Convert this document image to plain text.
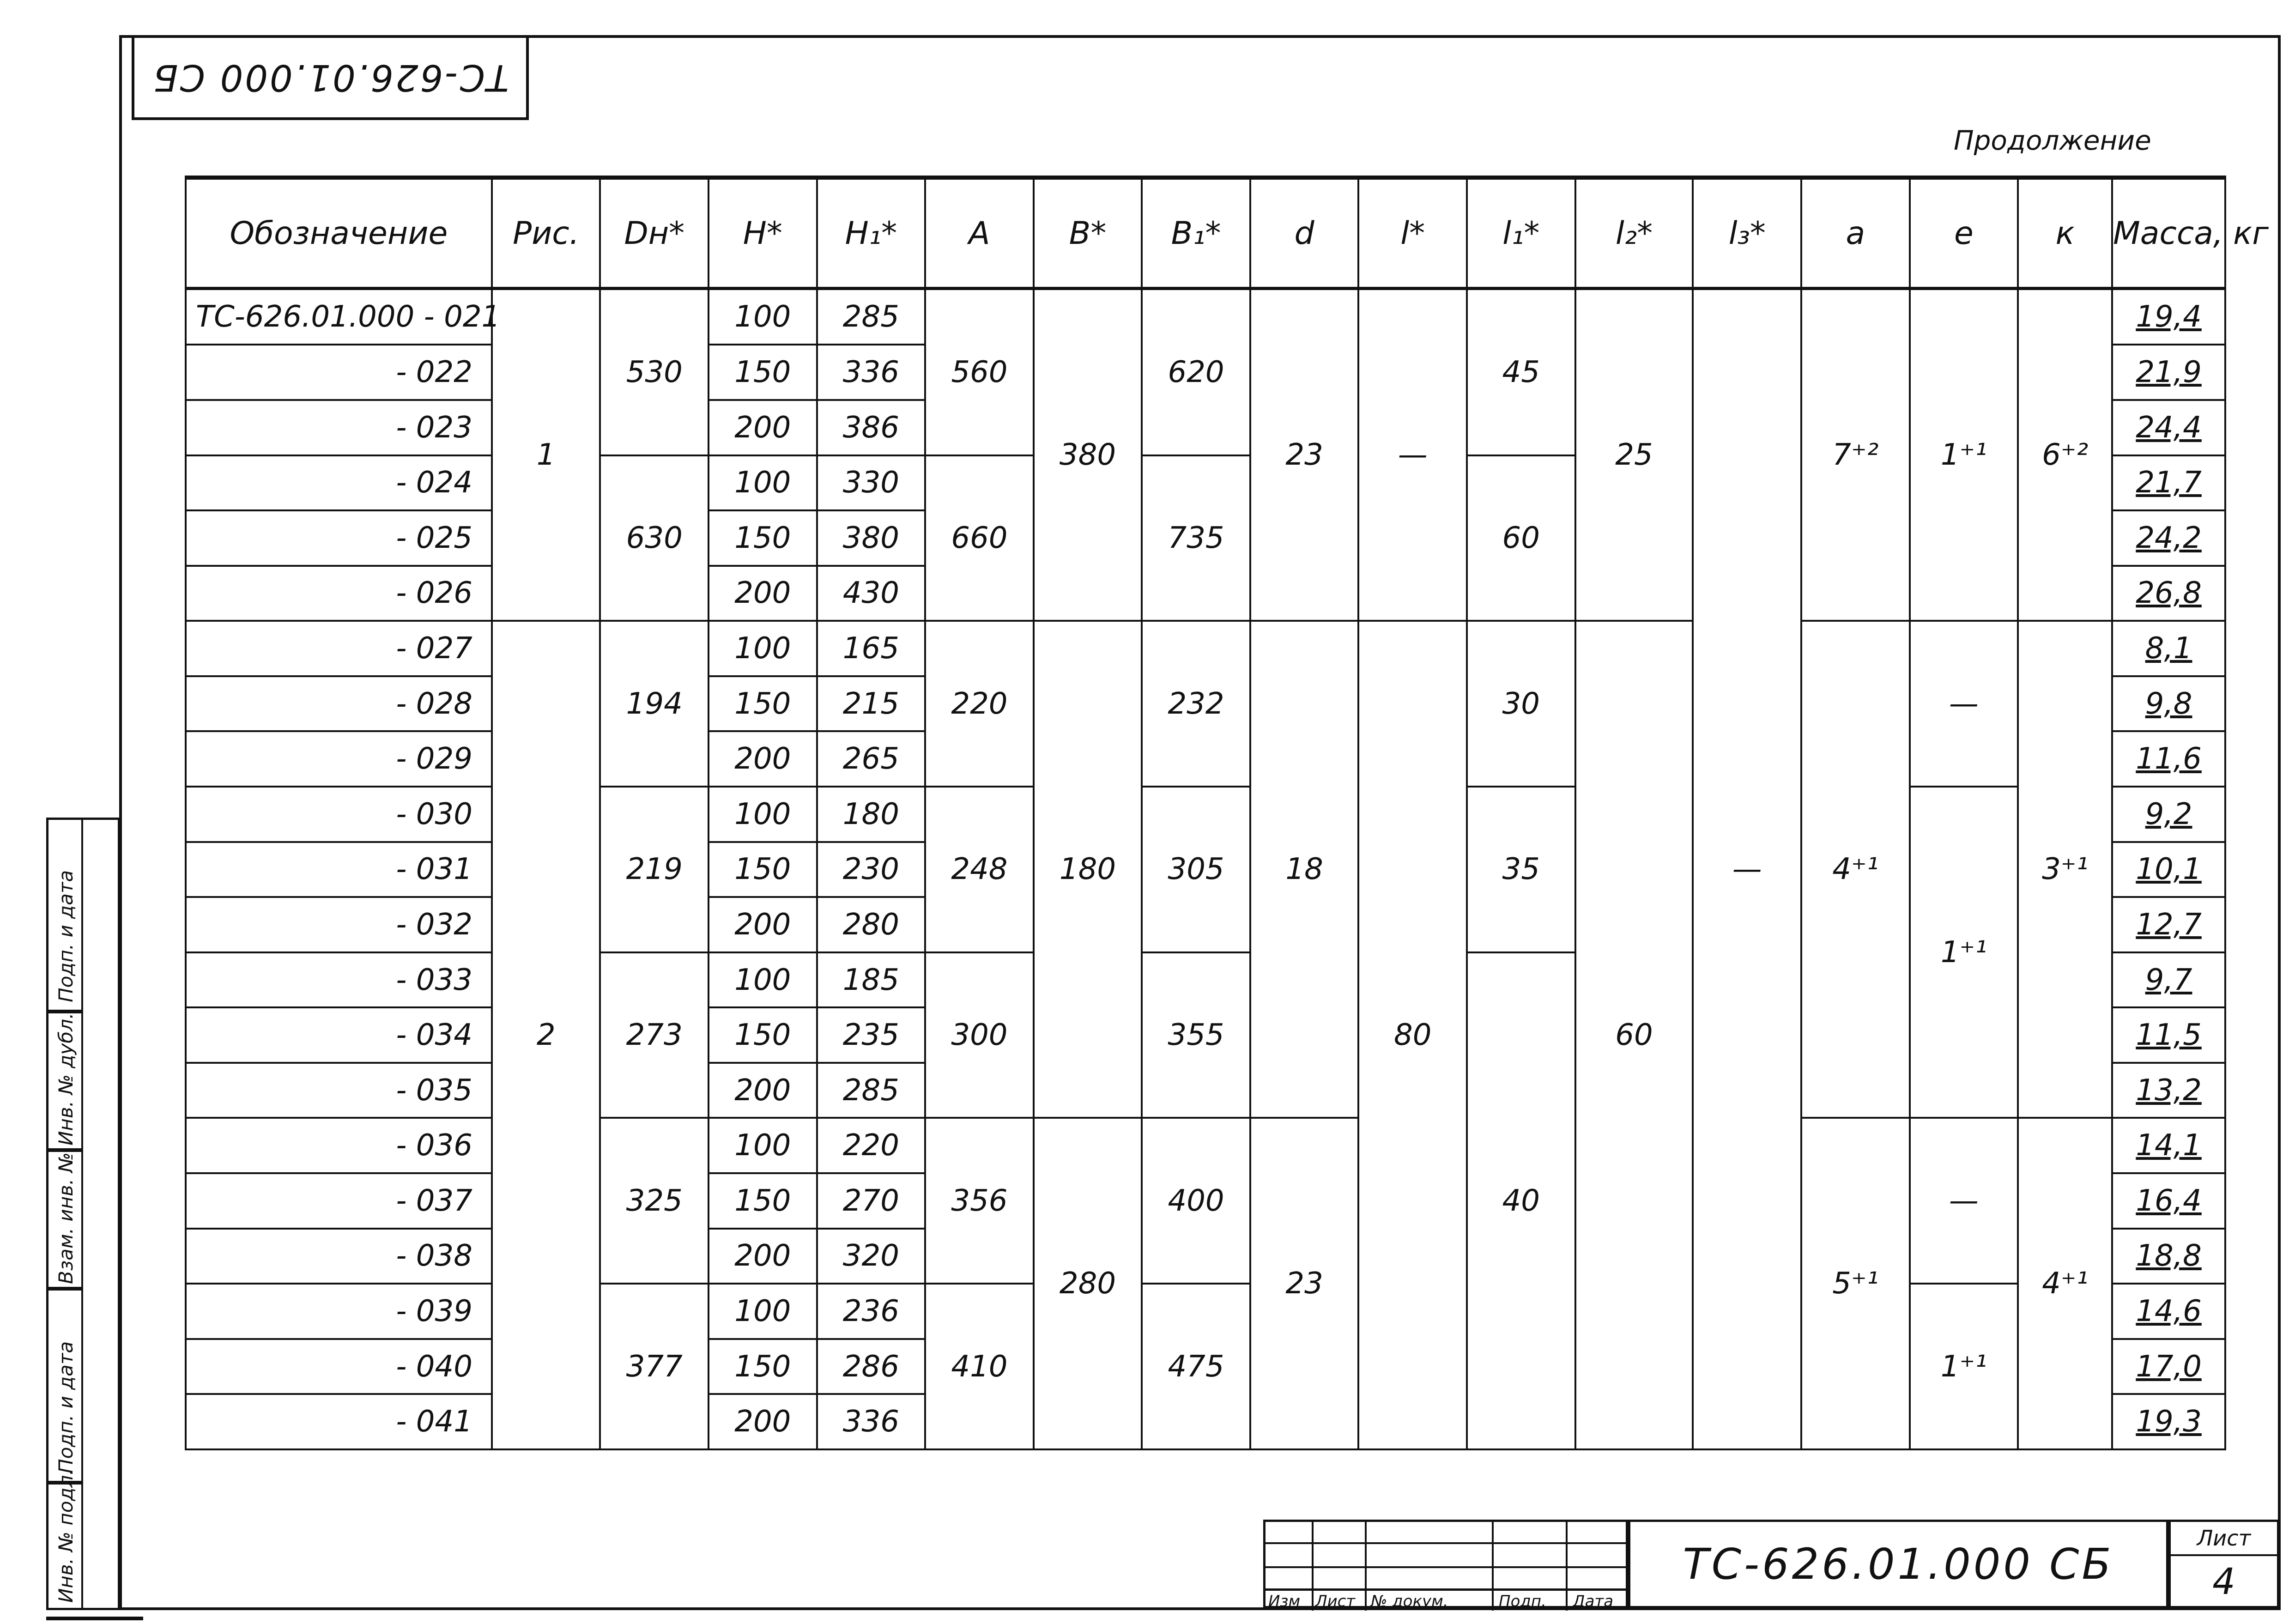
ТС-626.01.000 СБ
Продолжение
Обозначение	Рис.	Dн*	H*	H₁*	A	B*	B₁*	d	l*	l₁*	l₂*	l₃*	a	e	к	Масса, кг
ТС-626.01.000 - 021	1	530	100	285	560	380	620	23	—	45	25	—	7⁺²	1⁺¹	6⁺²	19,4
- 022			150	336												21,9
- 023			200	386												24,4
- 024		630	100	330	660		735			60						21,7
- 025			150	380												24,2
- 026			200	430												26,8
- 027	2	194	100	165	220	180	232	18	80	30	60		4⁺¹	—	3⁺¹	8,1
- 028			150	215												9,8
- 029			200	265												11,6
- 030		219	100	180	248		305			35				1⁺¹		9,2
- 031			150	230												10,1
- 032			200	280												12,7
- 033		273	100	185	300		355			40						9,7
- 034			150	235												11,5
- 035			200	285												13,2
- 036		325	100	220	356	280	400	23					5⁺¹	—	4⁺¹	14,1
- 037			150	270												16,4
- 038			200	320												18,8
- 039		377	100	236	410		475							1⁺¹		14,6
- 040			150	286												17,0
- 041			200	336												19,3
Подп. и дата
Инв. № дубл.
Взам. инв. №
Подп. и дата
Инв. № подл.	Изм Лист № докум.	Подп. Дата
ТС-626.01.000 СБ
Лист
4
